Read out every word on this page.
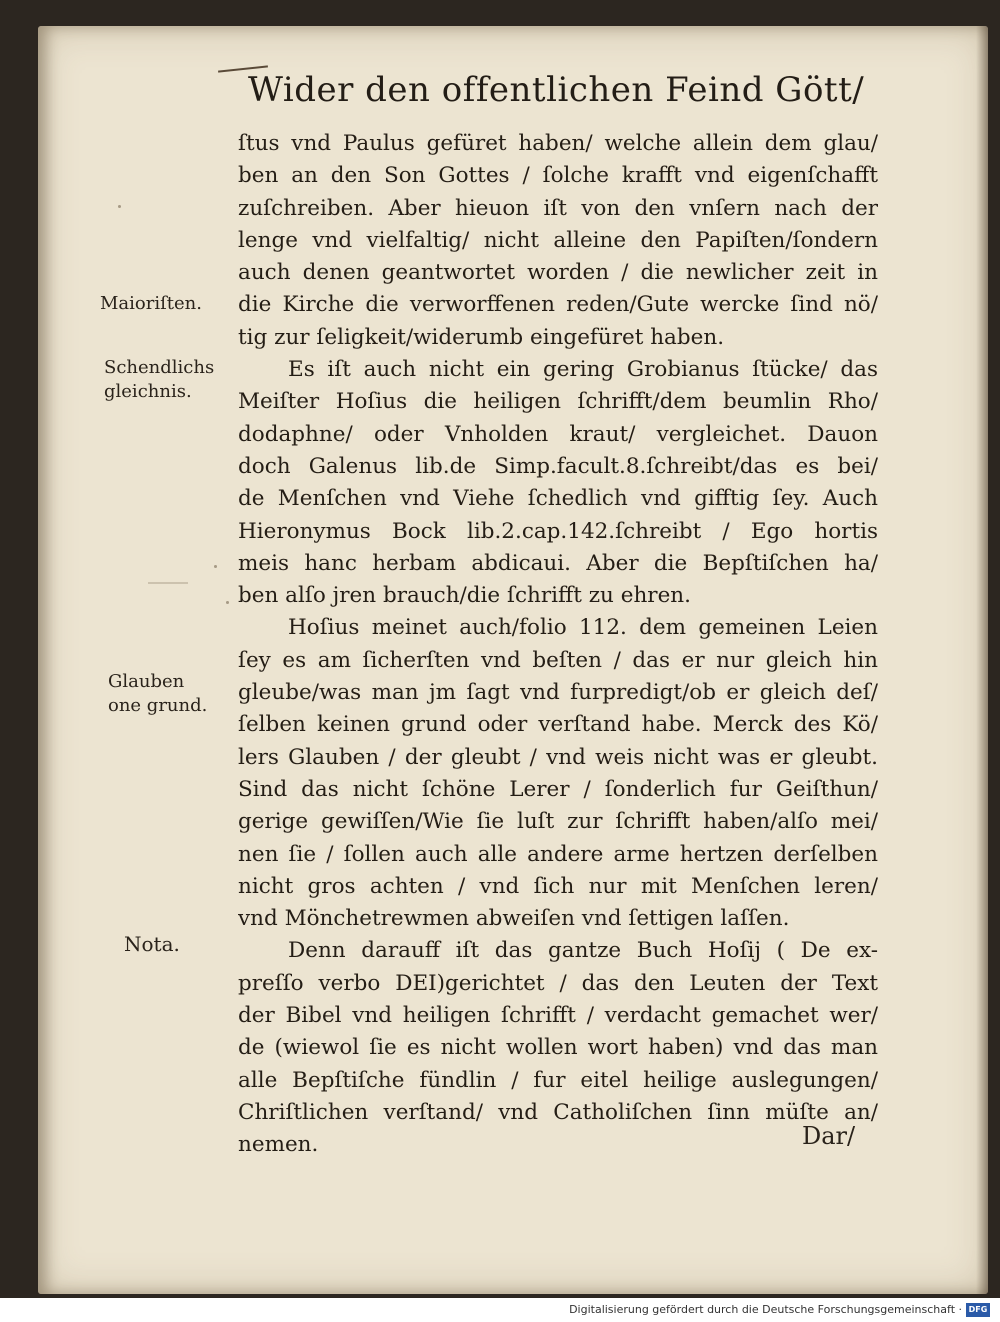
Wider den offentlichen Feind Gött/
ſtus vnd Paulus gefüret haben/ welche allein dem glau/
ben an den Son Gottes / ſolche krafft vnd eigenſchafft
zuſchreiben. Aber hieuon iſt von den vnſern nach der
lenge vnd vielfaltig/ nicht alleine den Papiſten/ſondern
auch denen geantwortet worden / die newlicher zeit in
die Kirche die verworffenen reden/Gute wercke ſind nö/
tig zur ſeligkeit/widerumb eingefüret haben.
Es iſt auch nicht ein gering Grobianus ſtücke/ das
Meiſter Hoſius die heiligen ſchrifft/dem beumlin Rho/
dodaphne/ oder Vnholden kraut/ vergleichet. Dauon
doch Galenus lib.de Simp.facult.8.ſchreibt/das es bei/
de Menſchen vnd Viehe ſchedlich vnd gifftig ſey. Auch
Hieronymus Bock lib.2.cap.142.ſchreibt / Ego hortis
meis hanc herbam abdicaui. Aber die Bepſtiſchen ha/
ben alſo jren brauch/die ſchrifft zu ehren.
Hoſius meinet auch/folio 112. dem gemeinen Leien
ſey es am ſicherſten vnd beſten / das er nur gleich hin
gleube/was man jm ſagt vnd furpredigt/ob er gleich deſ/
ſelben keinen grund oder verſtand habe. Merck des Kö/
lers Glauben / der gleubt / vnd weis nicht was er gleubt.
Sind das nicht ſchöne Lerer / ſonderlich fur Geiſthun/
gerige gewiſſen/Wie ſie luſt zur ſchrifft haben/alſo mei/
nen ſie / ſollen auch alle andere arme hertzen derſelben
nicht gros achten / vnd ſich nur mit Menſchen leren/
vnd Mönchetrewmen abweiſen vnd ſettigen laſſen.
Denn darauff iſt das gantze Buch Hoſij ( De ex-
preſſo verbo DEI)gerichtet / das den Leuten der Text
der Bibel vnd heiligen ſchrifft / verdacht gemachet wer/
de (wiewol ſie es nicht wollen wort haben) vnd das man
alle Bepſtiſche fündlin / fur eitel heilige auslegungen/
Chriſtlichen verſtand/ vnd Catholiſchen ſinn müſte an/
nemen.
Maioriſten.
Schendlichs
gleichnis.
Glauben
one grund.
Nota.
Dar/
Digitalisierung gefördert durch die Deutsche Forschungsgemeinschaft · DFG
